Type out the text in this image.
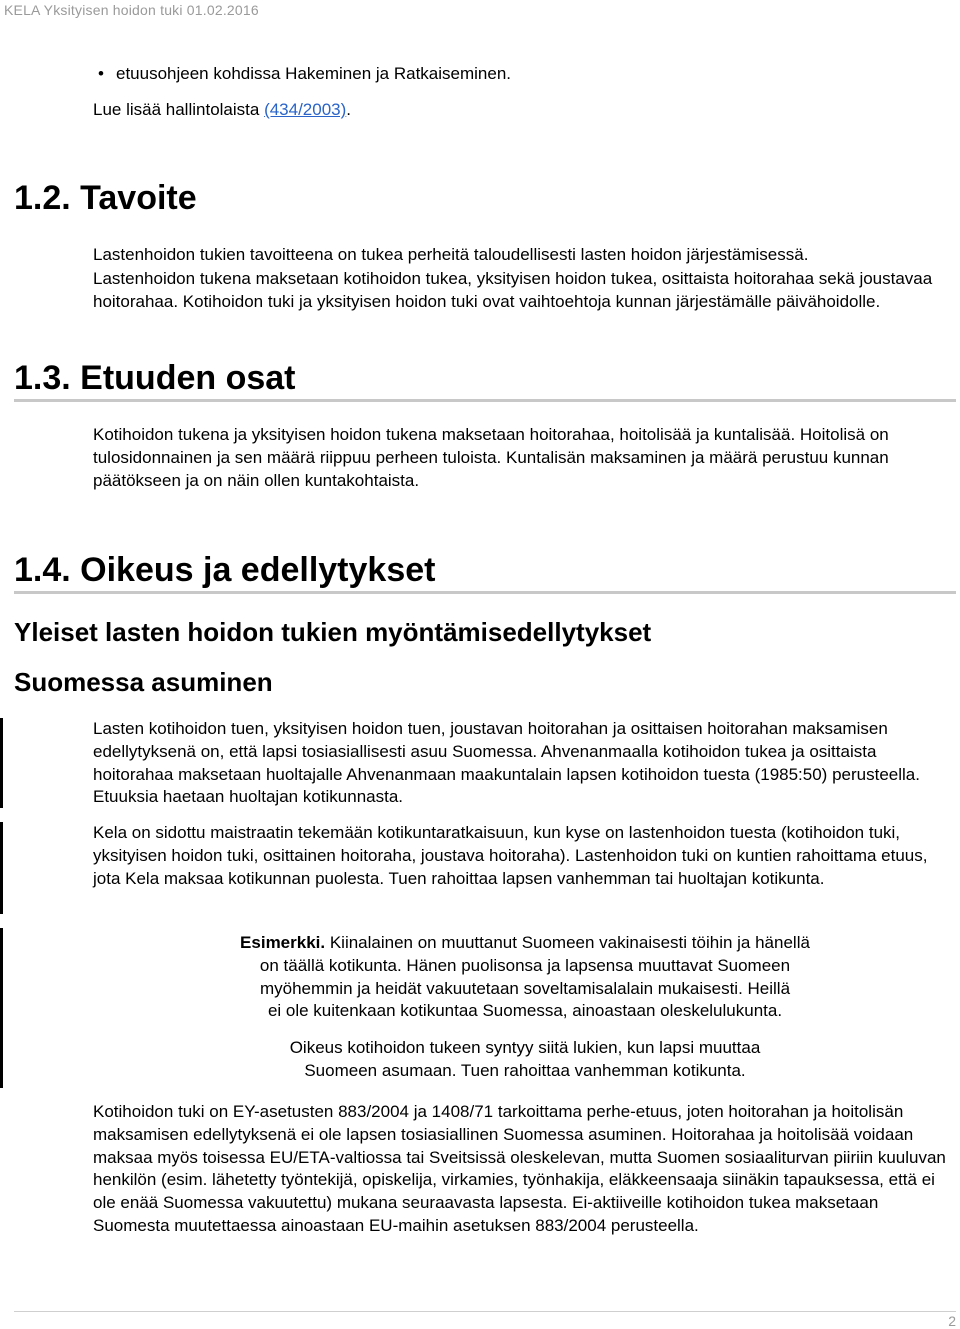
KELA Yksityisen hoidon tuki 01.02.2016
• etuusohjeen kohdissa Hakeminen ja Ratkaiseminen.
Lue lisää hallintolaista (434/2003).
1.2. Tavoite
Lastenhoidon tukien tavoitteena on tukea perheitä taloudellisesti lasten hoidon järjestämisessä.
Lastenhoidon tukena maksetaan kotihoidon tukea, yksityisen hoidon tukea, osittaista hoitorahaa sekä joustavaa hoitorahaa. Kotihoidon tuki ja yksityisen hoidon tuki ovat vaihtoehtoja kunnan järjestämälle päivähoidolle.
1.3. Etuuden osat
Kotihoidon tukena ja yksityisen hoidon tukena maksetaan hoitorahaa, hoitolisää ja kuntalisää. Hoitolisä on tulosidonnainen ja sen määrä riippuu perheen tuloista. Kuntalisän maksaminen ja määrä perustuu kunnan päätökseen ja on näin ollen kuntakohtaista.
1.4. Oikeus ja edellytykset
Yleiset lasten hoidon tukien myöntämisedellytykset
Suomessa asuminen
Lasten kotihoidon tuen, yksityisen hoidon tuen, joustavan hoitorahan ja osittaisen hoitorahan maksamisen edellytyksenä on, että lapsi tosiasiallisesti asuu Suomessa. Ahvenanmaalla kotihoidon tukea ja osittaista hoitorahaa maksetaan huoltajalle Ahvenanmaan maakuntalain lapsen kotihoidon tuesta (1985:50) perusteella. Etuuksia haetaan huoltajan kotikunnasta.
Kela on sidottu maistraatin tekemään kotikuntaratkaisuun, kun kyse on lastenhoidon tuesta (kotihoidon tuki, yksityisen hoidon tuki, osittainen hoitoraha, joustava hoitoraha). Lastenhoidon tuki on kuntien rahoittama etuus, jota Kela maksaa kotikunnan puolesta. Tuen rahoittaa lapsen vanhemman tai huoltajan kotikunta.
Esimerkki. Kiinalainen on muuttanut Suomeen vakinaisesti töihin ja hänellä
on täällä kotikunta. Hänen puolisonsa ja lapsensa muuttavat Suomeen
myöhemmin ja heidät vakuutetaan soveltamisalalain mukaisesti. Heillä
ei ole kuitenkaan kotikuntaa Suomessa, ainoastaan oleskelulukunta.
Oikeus kotihoidon tukeen syntyy siitä lukien, kun lapsi muuttaa
Suomeen asumaan. Tuen rahoittaa vanhemman kotikunta.
Kotihoidon tuki on EY-asetusten 883/2004 ja 1408/71 tarkoittama perhe-etuus, joten hoitorahan ja hoitolisän maksamisen edellytyksenä ei ole lapsen tosiasiallinen Suomessa asuminen. Hoitorahaa ja hoitolisää voidaan maksaa myös toisessa EU/ETA-valtiossa tai Sveitsissä oleskelevan, mutta Suomen sosiaaliturvan piiriin kuuluvan henkilön (esim. lähetetty työntekijä, opiskelija, virkamies, työnhakija, eläkkeensaaja siinäkin tapauksessa, että ei ole enää Suomessa vakuutettu) mukana seuraavasta lapsesta. Ei-aktiiveille kotihoidon tukea maksetaan Suomesta muutettaessa ainoastaan EU-maihin asetuksen 883/2004 perusteella.
2
